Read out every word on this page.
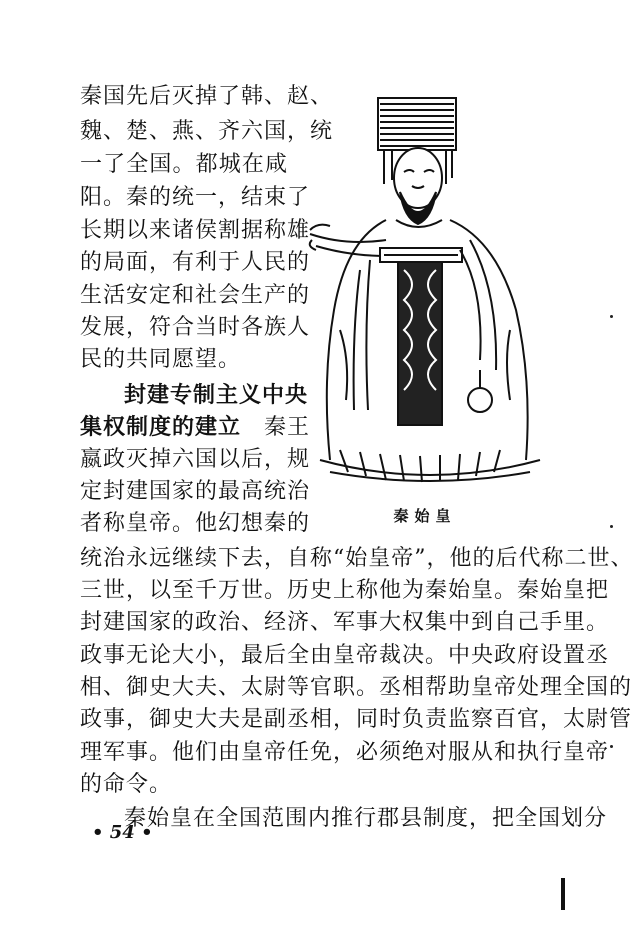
秦国先后灭掉了韩、赵、

魏、楚、燕、齐六国，统

一了全国。都城在咸

阳。秦的统一，结束了

长期以来诸侯割据称雄

的局面，有利于人民的

生活安定和社会生产的

发展，符合当时各族人

民的共同愿望。

封建专制主义中央

集权制度的建立  秦王

嬴政灭掉六国以后，规

定封建国家的最高统治

者称皇帝。他幻想秦的

统治永远继续下去，自称“始皇帝”，他的后代称二世、

三世，以至千万世。历史上称他为秦始皇。秦始皇把

封建国家的政治、经济、军事大权集中到自己手里。

政事无论大小，最后全由皇帝裁决。中央政府设置丞

相、御史大夫、太尉等官职。丞相帮助皇帝处理全国的

政事，御史大夫是副丞相，同时负责监察百官，太尉管

理军事。他们由皇帝任免，必须绝对服从和执行皇帝

的命令。

秦始皇在全国范围内推行郡县制度，把全国划分

秦始皇

• 54 •
